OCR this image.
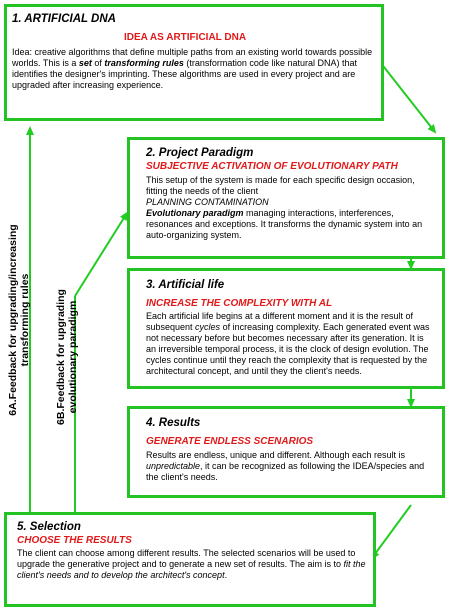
1. ARTIFICIAL DNA
IDEA AS ARTIFICIAL DNA
Idea: creative algorithms that define multiple paths from an existing world towards possible worlds. This is a set of transforming rules (transformation code like natural DNA) that identifies the designer's imprinting. These algorithms are used in every project and are upgraded after increasing experience.
2. Project Paradigm
SUBJECTIVE ACTIVATION OF EVOLUTIONARY PATH

This setup of the system is made for each specific design occasion, fitting the needs of the client

PLANNING CONTAMINATION

Evolutionary paradigm managing interactions, interferences, resonances and exceptions. It transforms the dynamic system into an auto-organizing system.

3. Artificial life
INCREASE THE COMPLEXITY WITH AL
Each artificial life begins at a different moment and it is the result of subsequent cycles of increasing complexity. Each generated event was not necessary before but becomes necessary after its generation. It is an irreversible temporal process, it is the clock of design evolution. The cycles continue until they reach the complexity that is requested by the architectural concept, and until they the client's needs.
4. Results
GENERATE ENDLESS SCENARIOS
Results are endless, unique and different. Although each result is unpredictable, it can be recognized as following the IDEA/species and the client's needs.
5. Selection
CHOOSE THE RESULTS
The client can choose among different results. The selected scenarios will be used to upgrade the generative project and to generate a new set of results. The aim is to fit the client's needs and to develop the architect's concept.
6A.Feedback for upgrading/increasing transforming rules 6B.Feedback for upgrading evolutionary paradigm
